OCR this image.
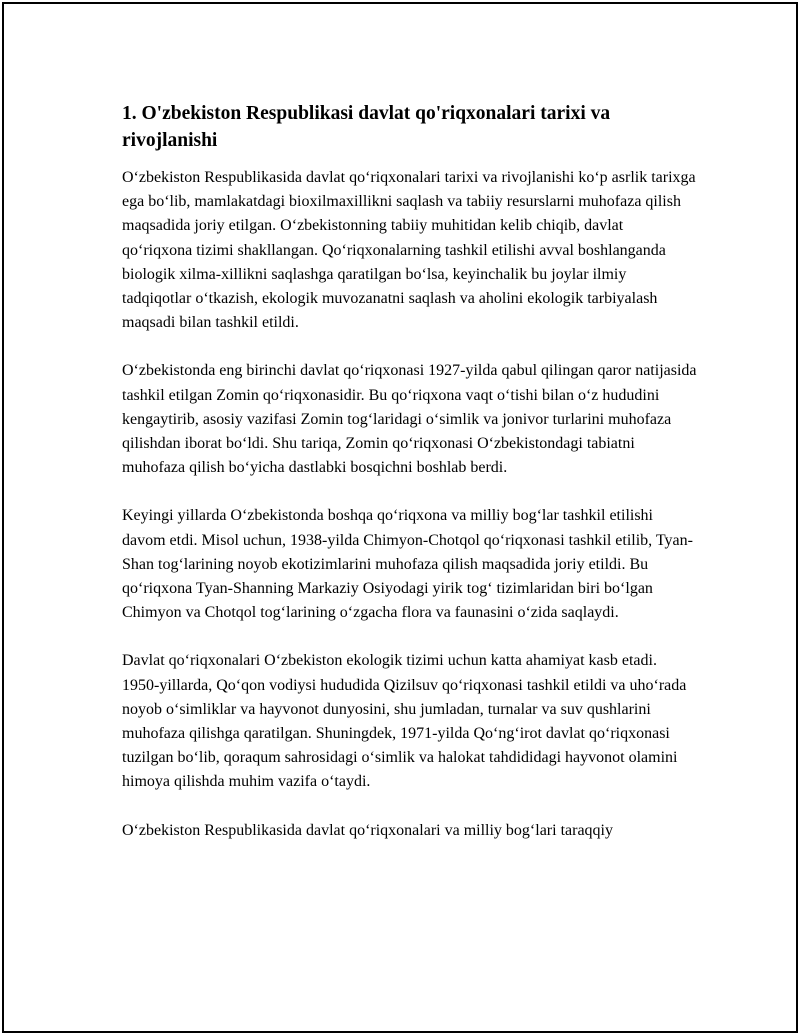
1. O'zbekiston Respublikasi davlat qo'riqxonalari tarixi va rivojlanishi

O‘zbekiston Respublikasida davlat qo‘riqxonalari tarixi va rivojlanishi ko‘p asrlik tarixga ega bo‘lib, mamlakatdagi bioxilmaxillikni saqlash va tabiiy resurslarni muhofaza qilish maqsadida joriy etilgan. O‘zbekistonning tabiiy muhitidan kelib chiqib, davlat qo‘riqxona tizimi shakllangan. Qo‘riqxonalarning tashkil etilishi avval boshlanganda biologik xilma-xillikni saqlashga qaratilgan bo‘lsa, keyinchalik bu joylar ilmiy tadqiqotlar o‘tkazish, ekologik muvozanatni saqlash va aholini ekologik tarbiyalash maqsadi bilan tashkil etildi.

O‘zbekistonda eng birinchi davlat qo‘riqxonasi 1927-yilda qabul qilingan qaror natijasida tashkil etilgan Zomin qo‘riqxonasidir. Bu qo‘riqxona vaqt o‘tishi bilan o‘z hududini kengaytirib, asosiy vazifasi Zomin tog‘laridagi o‘simlik va jonivor turlarini muhofaza qilishdan iborat bo‘ldi. Shu tariqa, Zomin qo‘riqxonasi O‘zbekistondagi tabiatni muhofaza qilish bo‘yicha dastlabki bosqichni boshlab berdi.

Keyingi yillarda O‘zbekistonda boshqa qo‘riqxona va milliy bog‘lar tashkil etilishi davom etdi. Misol uchun, 1938-yilda Chimyon-Chotqol qo‘riqxonasi tashkil etilib, Tyan-Shan tog‘larining noyob ekotizimlarini muhofaza qilish maqsadida joriy etildi. Bu qo‘riqxona Tyan-Shanning Markaziy Osiyodagi yirik tog‘ tizimlaridan biri bo‘lgan Chimyon va Chotqol tog‘larining o‘zgacha flora va faunasini o‘zida saqlaydi.

Davlat qo‘riqxonalari O‘zbekiston ekologik tizimi uchun katta ahamiyat kasb etadi. 1950-yillarda, Qo‘qon vodiysi hududida Qizilsuv qo‘riqxonasi tashkil etildi va uho‘rada noyob o‘simliklar va hayvonot dunyosini, shu jumladan, turnalar va suv qushlarini muhofaza qilishga qaratilgan. Shuningdek, 1971-yilda Qo‘ng‘irot davlat qo‘riqxonasi tuzilgan bo‘lib, qoraqum sahrosidagi o‘simlik va halokat tahdididagi hayvonot olamini himoya qilishda muhim vazifa o‘taydi.

O‘zbekiston Respublikasida davlat qo‘riqxonalari va milliy bog‘lari taraqqiy
